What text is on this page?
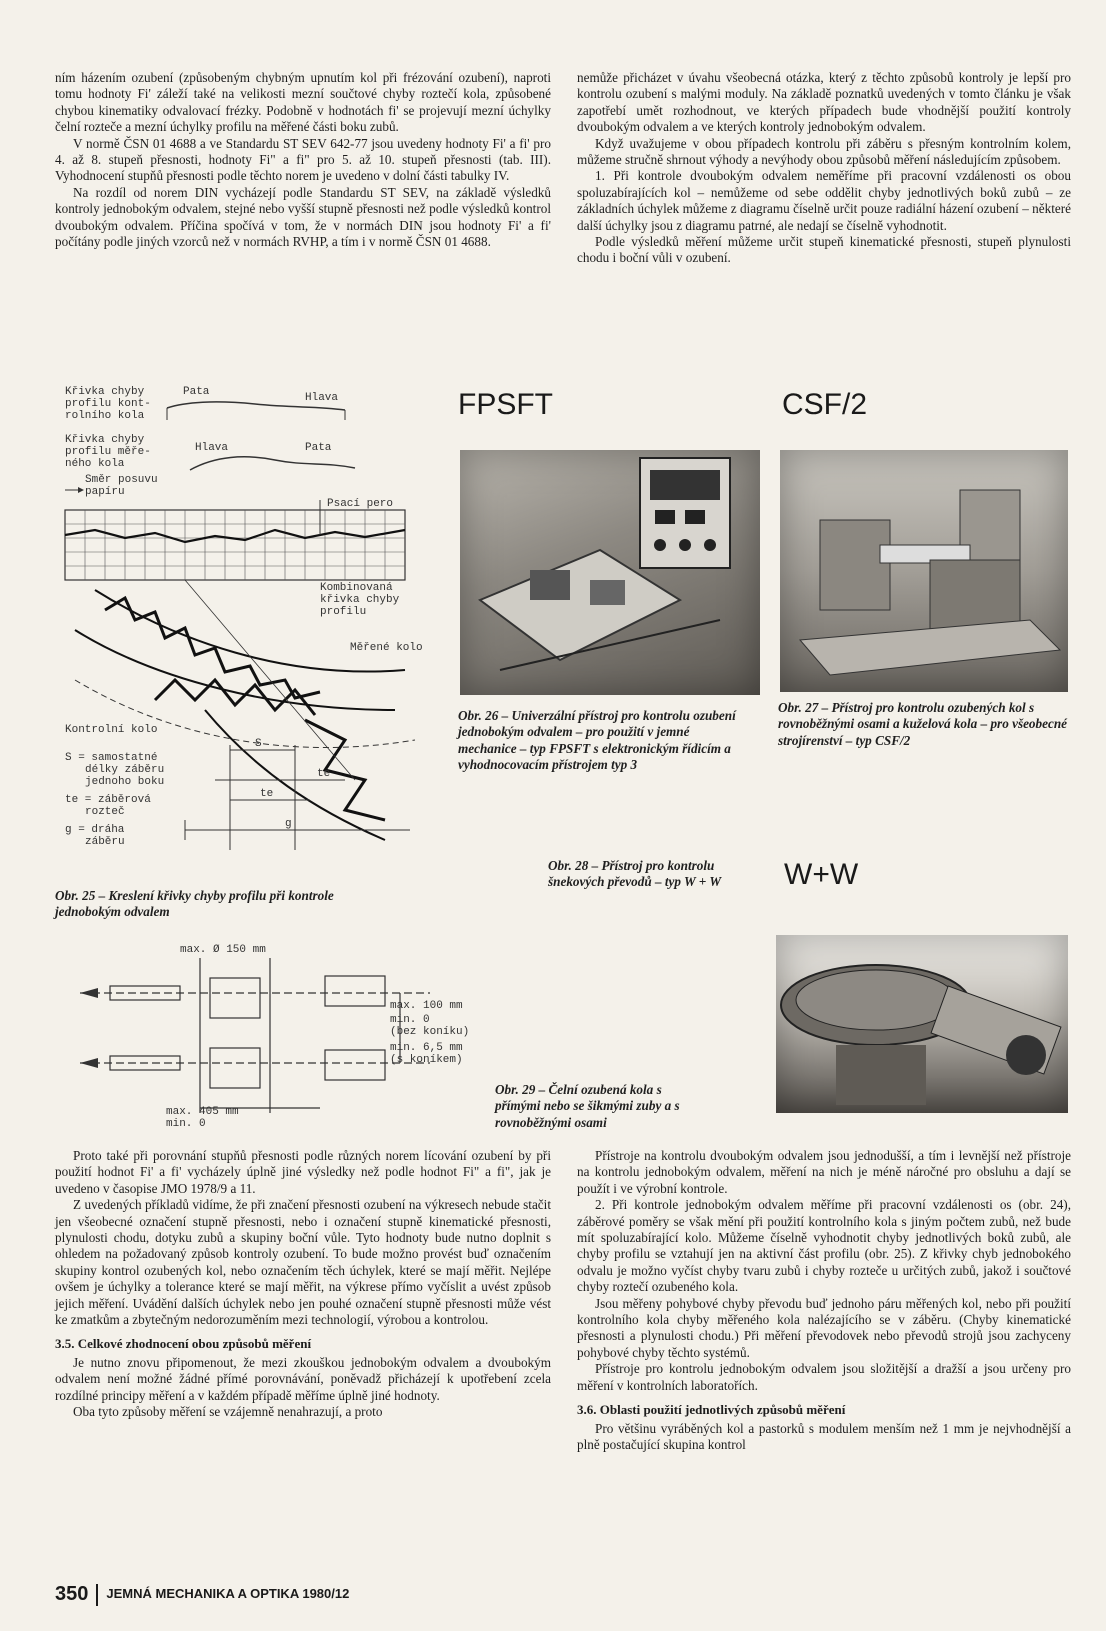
ním házením ozubení (způsobeným chybným upnutím kol při frézování ozubení), naproti tomu hodnoty Fi' záleží také na velikosti mezní součtové chyby roztečí kola, způsobené chybou kinematiky odvalovací frézky. Podobně v hodnotách fi' se projevují mezní úchylky čelní rozteče a mezní úchylky profilu na měřené části boku zubů.

V normě ČSN 01 4688 a ve Standardu ST SEV 642-77 jsou uvedeny hodnoty Fi' a fi' pro 4. až 8. stupeň přesnosti, hodnoty Fi" a fi" pro 5. až 10. stupeň přesnosti (tab. III). Vyhodnocení stupňů přesnosti podle těchto norem je uvedeno v dolní části tabulky IV.

Na rozdíl od norem DIN vycházejí podle Standardu ST SEV, na základě výsledků kontroly jednobokým odvalem, stejné nebo vyšší stupně přesnosti než podle výsledků kontrol dvoubokým odvalem. Příčina spočívá v tom, že v normách DIN jsou hodnoty Fi' a fi' počítány podle jiných vzorců než v normách RVHP, a tím i v normě ČSN 01 4688.

nemůže přicházet v úvahu všeobecná otázka, který z těchto způsobů kontroly je lepší pro kontrolu ozubení s malými moduly. Na základě poznatků uvedených v tomto článku je však zapotřebí umět rozhodnout, ve kterých případech bude vhodnější použití kontroly dvoubokým odvalem a ve kterých kontroly jednobokým odvalem.

Když uvažujeme v obou případech kontrolu při záběru s přesným kontrolním kolem, můžeme stručně shrnout výhody a nevýhody obou způsobů měření následujícím způsobem.

1. Při kontrole dvoubokým odvalem neměříme při pracovní vzdálenosti os obou spoluzabírajících kol – nemůžeme od sebe oddělit chyby jednotlivých boků zubů – ze základních úchylek můžeme z diagramu číselně určit pouze radiální házení ozubení – některé další úchylky jsou z diagramu patrné, ale nedají se číselně vyhodnotit.

Podle výsledků měření můžeme určit stupeň kinematické přesnosti, stupeň plynulosti chodu i boční vůli v ozubení.

Křivka chyby
profilu kont-
rolního kola
Pata	Hlava
Křivka chyby
profilu měře-
ného kola
Hlava	Pata
Směr posuvu
papíru
Psací pero
Kombinovaná
křivka chyby
profilu
Měřené kolo
Kontrolní kolo
S = samostatné
délky záběru
jednoho boku
te = záběrová
rozteč
g = dráha
záběru
S
te
te
g
Obr. 25 – Kreslení křivky chyby profilu při kontrole jednobokým odvalem
FPSFT
Obr. 26 – Univerzální přístroj pro kontrolu ozubení jednobokým odvalem – pro použití v jemné mechanice – typ FPSFT s elektronickým řídicím a vyhodnocovacím přístrojem typ 3
CSF/2
Obr. 27 – Přístroj pro kontrolu ozubených kol s rovnoběžnými osami a kuželová kola – pro všeobecné strojírenství – typ CSF/2
Obr. 28 – Přístroj pro kontrolu šnekových převodů – typ W + W	W+W
max. Ø 150 mm
max. 100 mm
min. 0
(bez koníku)
min. 6,5 mm
(s koníkem)
max. 405 mm
min. 0
Obr. 29 – Čelní ozubená kola s přímými nebo se šikmými zuby a s rovnoběžnými osami

Proto také při porovnání stupňů přesnosti podle různých norem lícování ozubení by při použití hodnot Fi' a fi' vycházely úplně jiné výsledky než podle hodnot Fi" a fi", jak je uvedeno v časopise JMO 1978/9 a 11.

Z uvedených příkladů vidíme, že při značení přesnosti ozubení na výkresech nebude stačit jen všeobecné označení stupně přesnosti, nebo i označení stupně kinematické přesnosti, plynulosti chodu, dotyku zubů a skupiny boční vůle. Tyto hodnoty bude nutno doplnit s ohledem na požadovaný způsob kontroly ozubení. To bude možno provést buď označením skupiny kontrol ozubených kol, nebo označením těch úchylek, které se mají měřit. Nejlépe ovšem je úchylky a tolerance které se mají měřit, na výkrese přímo vyčíslit a uvést způsob jejich měření. Uvádění dalších úchylek nebo jen pouhé označení stupně přesnosti může vést ke zmatkům a zbytečným nedorozuměním mezi technologií, výrobou a kontrolou.

3.5. Celkové zhodnocení obou způsobů měření

Je nutno znovu připomenout, že mezi zkouškou jednobokým odvalem a dvoubokým odvalem není možné žádné přímé porovnávání, poněvadž přicházejí k upotřebení zcela rozdílné principy měření a v každém případě měříme úplně jiné hodnoty.

Oba tyto způsoby měření se vzájemně nenahrazují, a proto

Přístroje na kontrolu dvoubokým odvalem jsou jednodušší, a tím i levnější než přístroje na kontrolu jednobokým odvalem, měření na nich je méně náročné pro obsluhu a dají se použít i ve výrobní kontrole.

2. Při kontrole jednobokým odvalem měříme při pracovní vzdálenosti os (obr. 24), záběrové poměry se však mění při použití kontrolního kola s jiným počtem zubů, než bude mít spoluzabírající kolo. Můžeme číselně vyhodnotit chyby jednotlivých boků zubů, ale chyby profilu se vztahují jen na aktivní část profilu (obr. 25). Z křivky chyb jednobokého odvalu je možno vyčíst chyby tvaru zubů i chyby rozteče u určitých zubů, jakož i součtové chyby roztečí ozubeného kola.

Jsou měřeny pohybové chyby převodu buď jednoho páru měřených kol, nebo při použití kontrolního kola chyby měřeného kola nalézajícího se v záběru. (Chyby kinematické přesnosti a plynulosti chodu.) Při měření převodovek nebo převodů strojů jsou zachyceny pohybové chyby těchto systémů.

Přístroje pro kontrolu jednobokým odvalem jsou složitější a dražší a jsou určeny pro měření v kontrolních laboratořích.

3.6. Oblasti použití jednotlivých způsobů měření

Pro většinu vyráběných kol a pastorků s modulem menším než 1 mm je nejvhodnější a plně postačující skupina kontrol

350 JEMNÁ MECHANIKA A OPTIKA 1980/12
